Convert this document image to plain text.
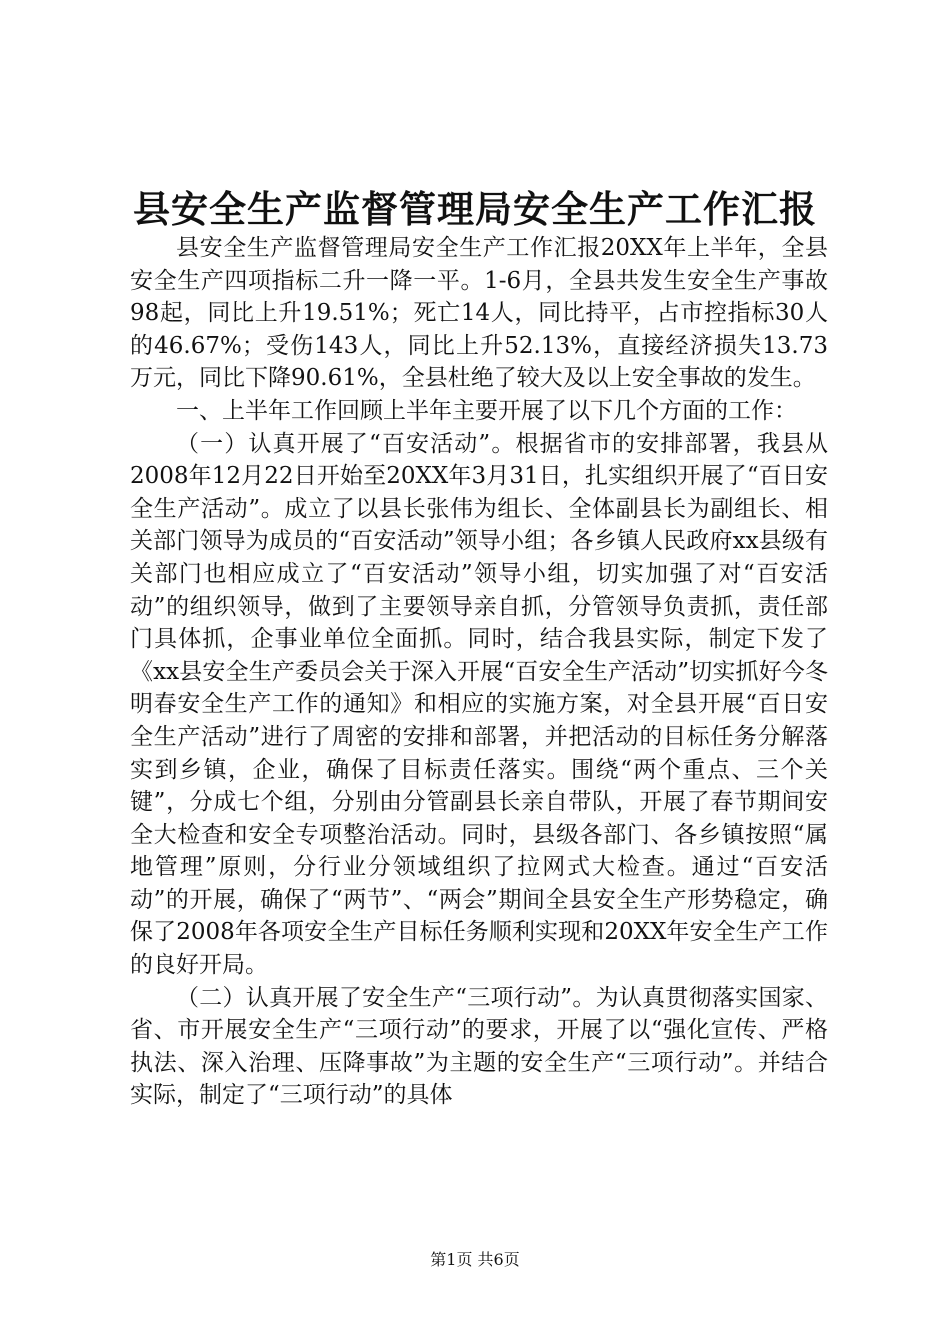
县安全生产监督管理局安全生产工作汇报

县安全生产监督管理局安全生产工作汇报20XX年上半年，全县安全生产四项指标二升一降一平。1-6月，全县共发生安全生产事故98起，同比上升19.51%；死亡14人，同比持平，占市控指标30人的46.67%；受伤143人，同比上升52.13%，直接经济损失13.73万元，同比下降90.61%，全县杜绝了较大及以上安全事故的发生。

一、上半年工作回顾上半年主要开展了以下几个方面的工作：

（一）认真开展了“百安活动”。根据省市的安排部署，我县从2008年12月22日开始至20XX年3月31日，扎实组织开展了“百日安全生产活动”。成立了以县长张伟为组长、全体副县长为副组长、相关部门领导为成员的“百安活动”领导小组；各乡镇人民政府xx县级有关部门也相应成立了“百安活动”领导小组，切实加强了对“百安活动”的组织领导，做到了主要领导亲自抓，分管领导负责抓，责任部门具体抓，企事业单位全面抓。同时，结合我县实际，制定下发了《xx县安全生产委员会关于深入开展“百安全生产活动”切实抓好今冬明春安全生产工作的通知》和相应的实施方案，对全县开展“百日安全生产活动”进行了周密的安排和部署，并把活动的目标任务分解落实到乡镇，企业，确保了目标责任落实。围绕“两个重点、三个关键”，分成七个组，分别由分管副县长亲自带队，开展了春节期间安全大检查和安全专项整治活动。同时，县级各部门、各乡镇按照“属地管理”原则，分行业分领域组织了拉网式大检查。通过“百安活动”的开展，确保了“两节”、“两会”期间全县安全生产形势稳定，确保了2008年各项安全生产目标任务顺利实现和20XX年安全生产工作的良好开局。

（二）认真开展了安全生产“三项行动”。为认真贯彻落实国家、省、市开展安全生产“三项行动”的要求，开展了以“强化宣传、严格执法、深入治理、压降事故”为主题的安全生产“三项行动”。并结合实际，制定了“三项行动”的具体

第1页 共6页
